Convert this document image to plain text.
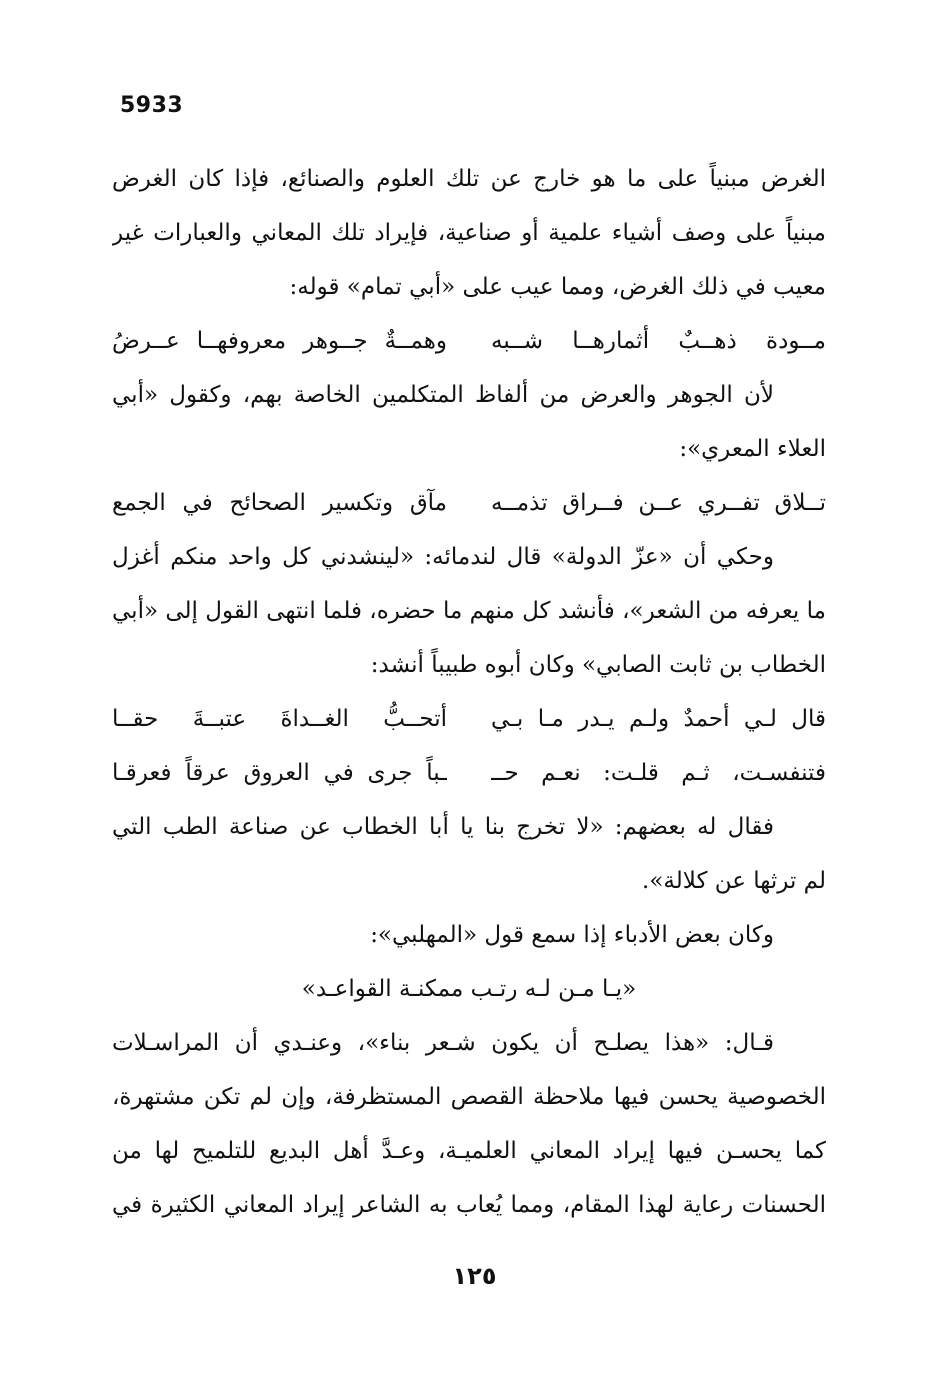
5933
الغرض مبنياً على ما هو خارج عن تلك العلوم والصنائع، فإذا كان الغرض
مبنياً على وصف أشياء علمية أو صناعية، فإيراد تلك المعاني والعبارات غير
معيب في ذلك الغرض، ومما عيب على «أبي تمام» قوله:
مــودة ذهــبٌ أثمارهــا شــبه
وهمــةٌ جــوهر معروفهــا عــرضُ
لأن الجوهر والعرض من ألفاظ المتكلمين الخاصة بهم، وكقول «أبي
العلاء المعري»:
تــلاق تفــري عــن فــراق تذمــه
مآق وتكسير الصحائح في الجمع
وحكي أن «عزّ الدولة» قال لندمائه: «لينشدني كل واحد منكم أغزل
ما يعرفه من الشعر»، فأنشد كل منهم ما حضره، فلما انتهى القول إلى «أبي
الخطاب بن ثابت الصابي» وكان أبوه طبيباً أنشد:
قال لـي أحمدٌ ولـم يـدر مـا بـي
أتحــبُّ الغــداةَ عتبــةَ حقــا
فتنفسـت، ثـم قلـت: نعـم حــ
ـباً جرى في العروق عرقاً فعرقـا
فقال له بعضهم: «لا تخرج بنا يا أبا الخطاب عن صناعة الطب التي
لم ترثها عن كلالة».
وكان بعض الأدباء إذا سمع قول «المهلبي»:
«يـا مـن لـه رتـب ممكنـة القواعـد»
قـال: «هذا يصلـح أن يكون شـعر بناء»، وعنـدي أن المراسـلات
الخصوصية يحسن فيها ملاحظة القصص المستظرفة، وإن لم تكن مشتهرة،
كما يحسـن فيها إيراد المعاني العلميـة، وعـدَّ أهل البديع للتلميح لها من
الحسنات رعاية لهذا المقام، ومما يُعاب به الشاعر إيراد المعاني الكثيرة في
١٢٥
